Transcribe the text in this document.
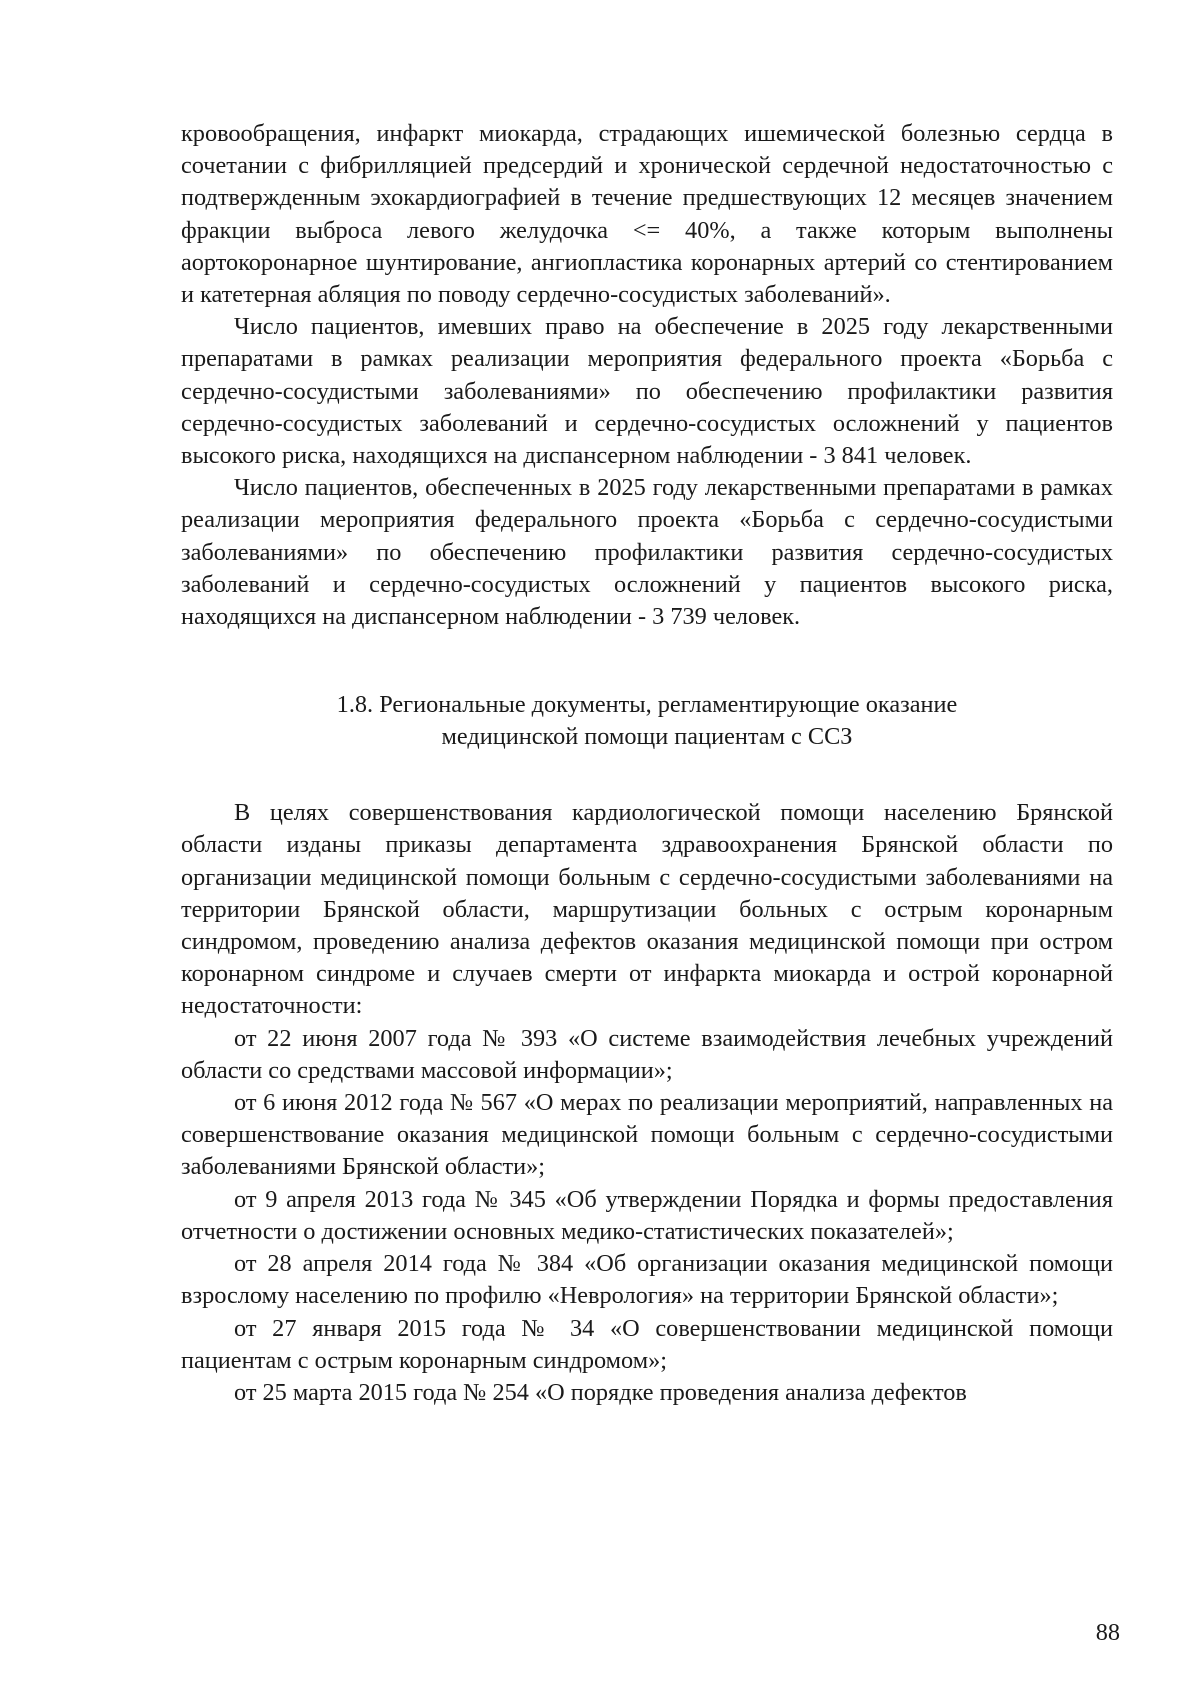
кровообращения, инфаркт миокарда, страдающих ишемической болезнью сердца в сочетании с фибрилляцией предсердий и хронической сердечной недостаточностью с подтвержденным эхокардиографией в течение предшествующих 12 месяцев значением фракции выброса левого желудочка <= 40%, а также которым выполнены аортокоронарное шунтирование, ангиопластика коронарных артерий со стентированием и катетерная абляция по поводу сердечно-сосудистых заболеваний».

Число пациентов, имевших право на обеспечение в 2025 году лекарственными препаратами в рамках реализации мероприятия федерального проекта «Борьба с сердечно-сосудистыми заболеваниями» по обеспечению профилактики развития сердечно-сосудистых заболеваний и сердечно-сосудистых осложнений у пациентов высокого риска, находящихся на диспансерном наблюдении - 3 841 человек.

Число пациентов, обеспеченных в 2025 году лекарственными препаратами в рамках реализации мероприятия федерального проекта «Борьба с сердечно-сосудистыми заболеваниями» по обеспечению профилактики развития сердечно-сосудистых заболеваний и сердечно-сосудистых осложнений у пациентов высокого риска, находящихся на диспансерном наблюдении - 3 739 человек.

1.8. Региональные документы, регламентирующие оказание
медицинской помощи пациентам с ССЗ

В целях совершенствования кардиологической помощи населению Брянской области изданы приказы департамента здравоохранения Брянской области по организации медицинской помощи больным с сердечно-сосудистыми заболеваниями на территории Брянской области, маршрутизации больных с острым коронарным синдромом, проведению анализа дефектов оказания медицинской помощи при остром коронарном синдроме и случаев смерти от инфаркта миокарда и острой коронарной недостаточности:

от 22 июня 2007 года № 393 «О системе взаимодействия лечебных учреждений области со средствами массовой информации»;

от 6 июня 2012 года № 567 «О мерах по реализации мероприятий, направленных на совершенствование оказания медицинской помощи больным с сердечно-сосудистыми заболеваниями Брянской области»;

от 9 апреля 2013 года № 345 «Об утверждении Порядка и формы предоставления отчетности о достижении основных медико-статистических показателей»;

от 28 апреля 2014 года № 384 «Об организации оказания медицинской помощи взрослому населению по профилю «Неврология» на территории Брянской области»;

от 27 января 2015 года № 34 «О совершенствовании медицинской помощи пациентам с острым коронарным синдромом»;

от 25 марта 2015 года № 254 «О порядке проведения анализа дефектов

88
